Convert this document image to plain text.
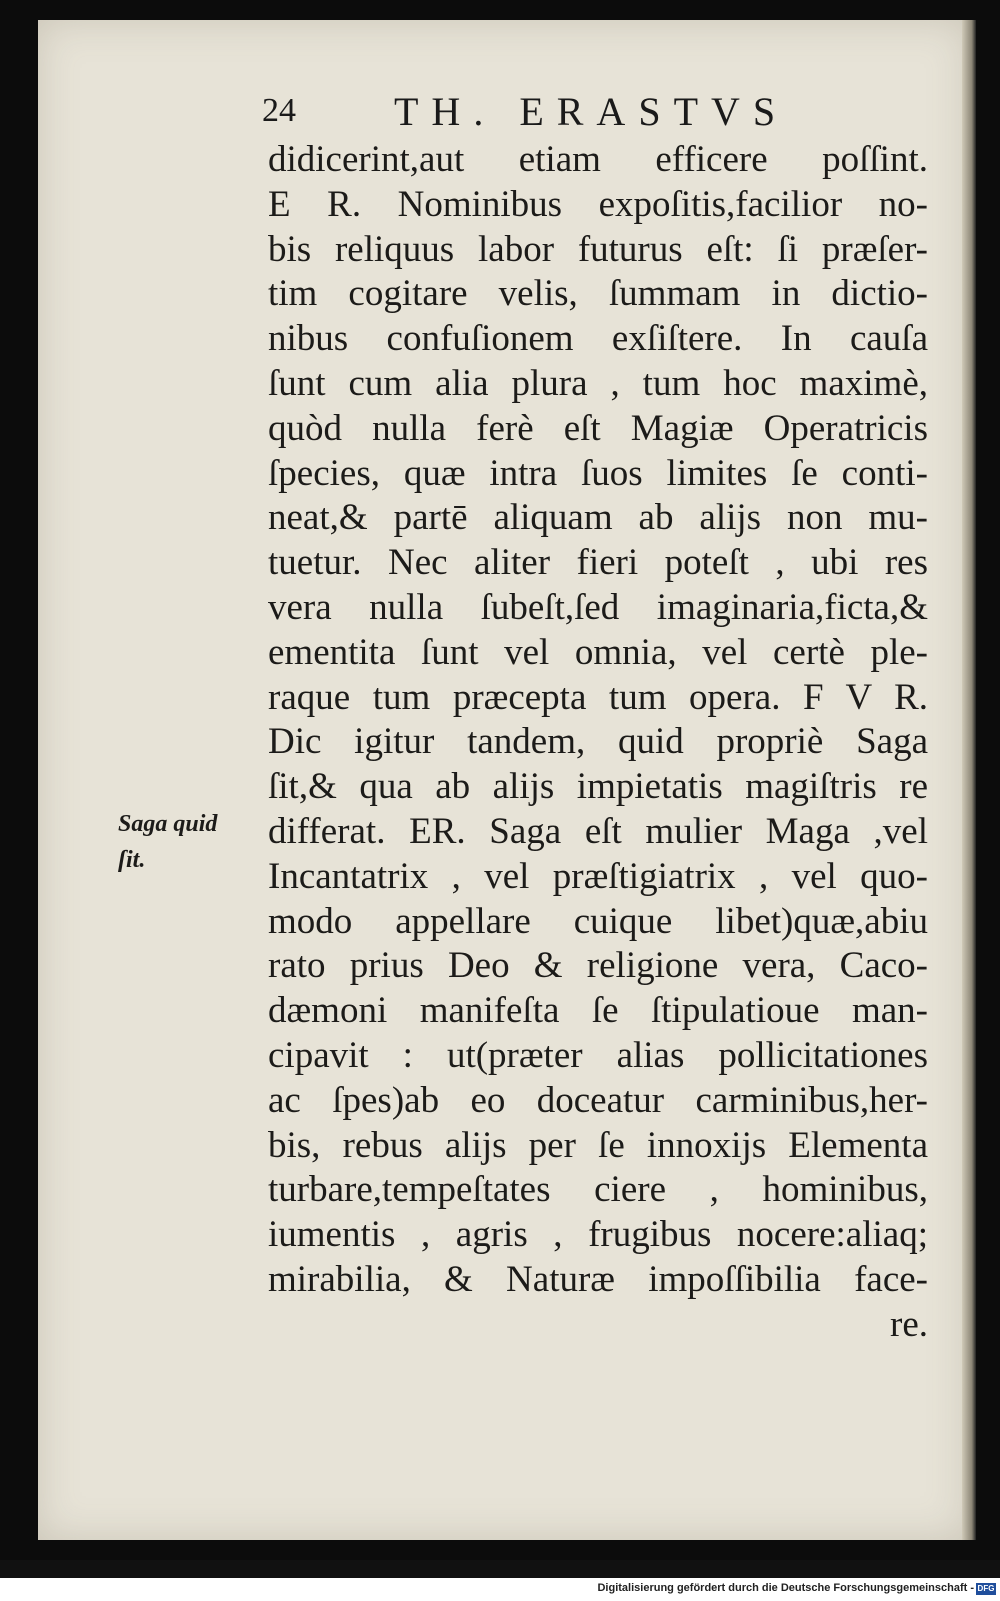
24 TH. ERASTVS
didicerint,aut etiam efficere poſſint.
E R. Nominibus expoſitis,facilior no-
bis reliquus labor futurus eſt: ſi præſer-
tim cogitare velis, ſummam in dictio-
nibus confuſionem exſiſtere. In cauſa
ſunt cum alia plura , tum hoc maximè,
quòd nulla ferè eſt Magiæ Operatricis
ſpecies, quæ intra ſuos limites ſe conti-
neat,& partē aliquam ab alijs non mu-
tuetur. Nec aliter fieri poteſt , ubi res
vera nulla ſubeſt,ſed imaginaria,ficta,&
ementita ſunt vel omnia, vel certè ple-
raque tum præcepta tum opera. F V R.
Dic igitur tandem, quid propriè Saga
ſit,& qua ab alijs impietatis magiſtris re
differat. ER. Saga eſt mulier Maga ,vel
Incantatrix , vel præſtigiatrix , vel quo-
modo appellare cuique libet)quæ,abiu
rato prius Deo & religione vera, Caco-
dæmoni manifeſta ſe ſtipulatioue man-
cipavit : ut(præter alias pollicitationes
ac ſpes)ab eo doceatur carminibus,her-
bis, rebus alijs per ſe innoxijs Elementa
turbare,tempeſtates ciere , hominibus,
iumentis , agris , frugibus nocere:aliaq;
mirabilia, & Naturæ impoſſibilia face-
re.
Saga quid
ſit.
Digitalisierung gefördert durch die Deutsche Forschungsgemeinschaft - DFG
